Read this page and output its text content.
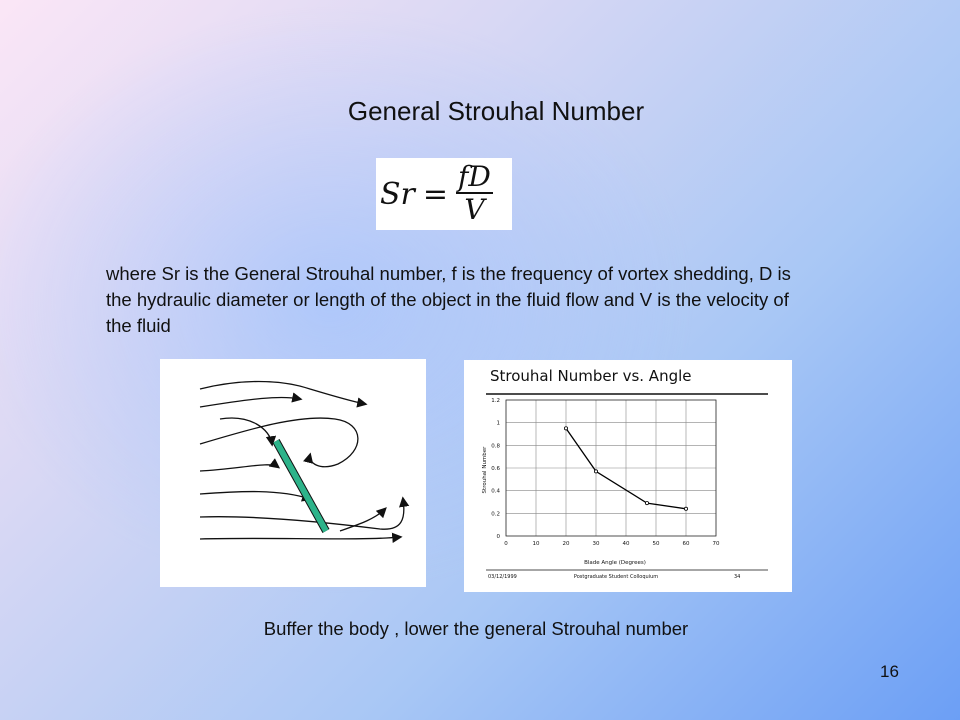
General Strouhal Number
$Sr = \frac{fD}{V}$
where Sr is the General Strouhal number, f is the frequency of vortex shedding, D is the hydraulic diameter or length of the object in the fluid flow and V is the velocity of the fluid
Strouhal Number vs. Angle
0	10	20	30	40	50	60	70
0
0.2
0.4
0.6
0.8
1
1.2
Blade Angle (Degrees)
Strouhal Number
03/12/1999	Postgraduate Student Colloquium	34
Buffer the body , lower the general Strouhal number
16
